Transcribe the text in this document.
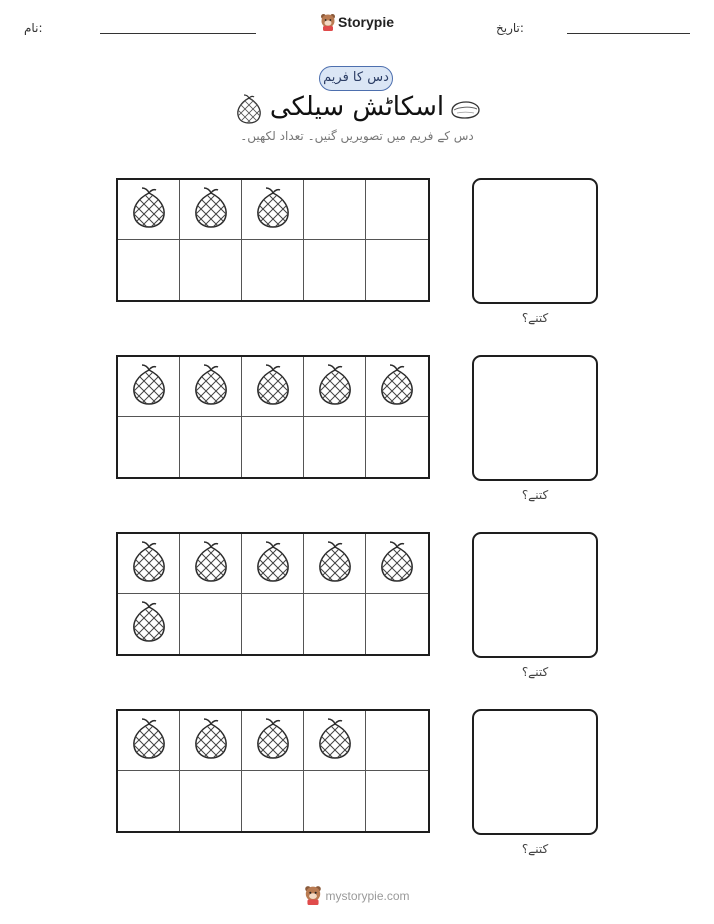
نام:	Storypie	تاریخ:
دس کا فریم
اسکاٹش سیلکی
دس کے فریم میں تصویریں گنیں۔ تعداد لکھیں۔
کتنے؟
کتنے؟
کتنے؟
کتنے؟
mystorypie.com
